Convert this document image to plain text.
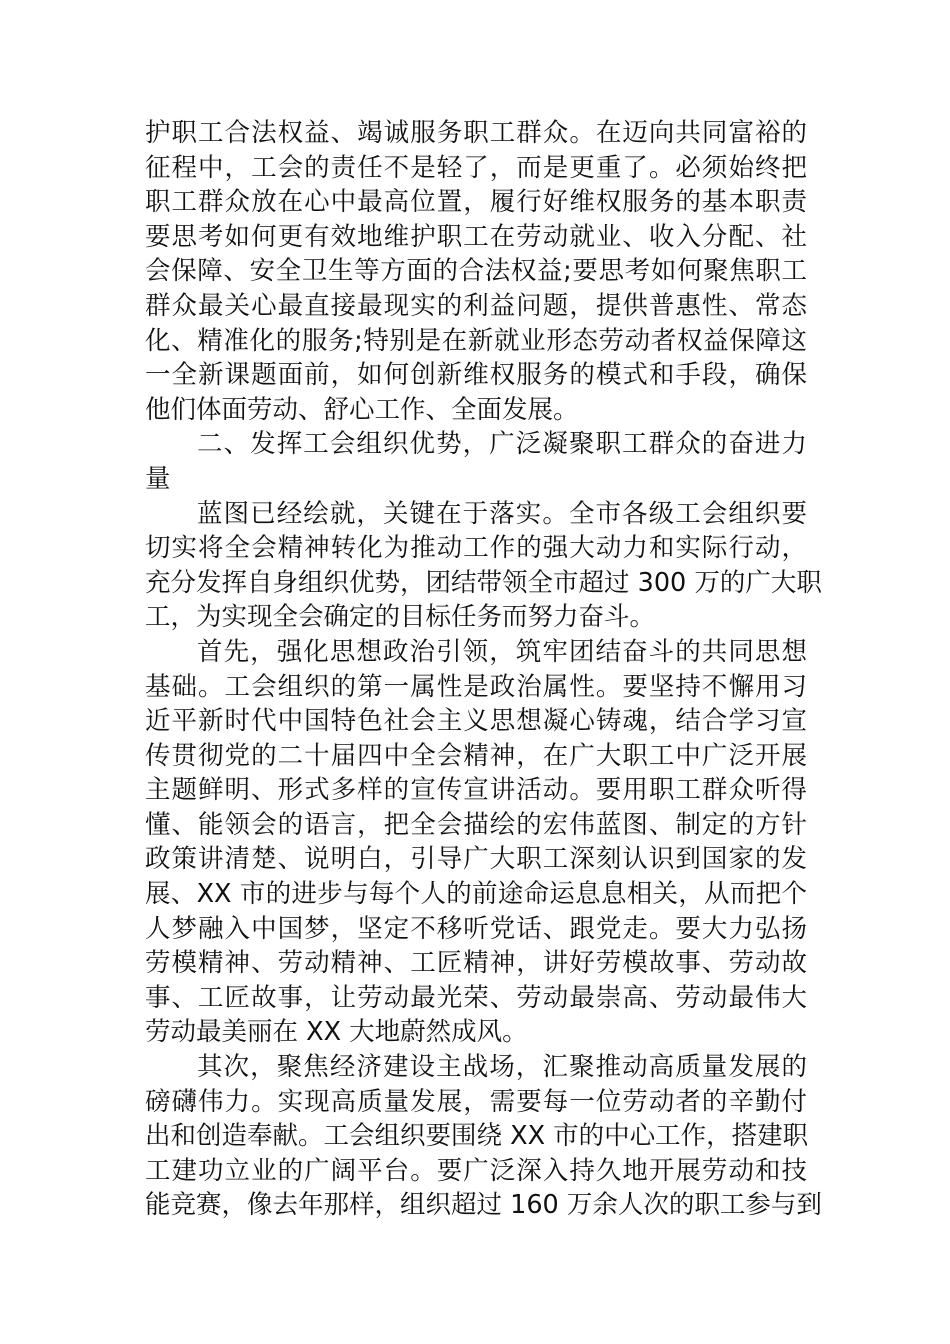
护职工合法权益、竭诚服务职工群众。在迈向共同富裕的
征程中，工会的责任不是轻了，而是更重了。必须始终把
职工群众放在心中最高位置，履行好维权服务的基本职责
要思考如何更有效地维护职工在劳动就业、收入分配、社
会保障、安全卫生等方面的合法权益;要思考如何聚焦职工
群众最关心最直接最现实的利益问题，提供普惠性、常态
化、精准化的服务;特别是在新就业形态劳动者权益保障这
一全新课题面前，如何创新维权服务的模式和手段，确保
他们体面劳动、舒心工作、全面发展。
二、发挥工会组织优势，广泛凝聚职工群众的奋进力
量
蓝图已经绘就，关键在于落实。全市各级工会组织要
切实将全会精神转化为推动工作的强大动力和实际行动，
充分发挥自身组织优势，团结带领全市超过 300 万的广大职
工，为实现全会确定的目标任务而努力奋斗。
首先，强化思想政治引领，筑牢团结奋斗的共同思想
基础。工会组织的第一属性是政治属性。要坚持不懈用习
近平新时代中国特色社会主义思想凝心铸魂，结合学习宣
传贯彻党的二十届四中全会精神，在广大职工中广泛开展
主题鲜明、形式多样的宣传宣讲活动。要用职工群众听得
懂、能领会的语言，把全会描绘的宏伟蓝图、制定的方针
政策讲清楚、说明白，引导广大职工深刻认识到国家的发
展、XX 市的进步与每个人的前途命运息息相关，从而把个
人梦融入中国梦，坚定不移听党话、跟党走。要大力弘扬
劳模精神、劳动精神、工匠精神，讲好劳模故事、劳动故
事、工匠故事，让劳动最光荣、劳动最崇高、劳动最伟大
劳动最美丽在 XX 大地蔚然成风。
其次，聚焦经济建设主战场，汇聚推动高质量发展的
磅礴伟力。实现高质量发展，需要每一位劳动者的辛勤付
出和创造奉献。工会组织要围绕 XX 市的中心工作，搭建职
工建功立业的广阔平台。要广泛深入持久地开展劳动和技
能竞赛，像去年那样，组织超过 160 万余人次的职工参与到
